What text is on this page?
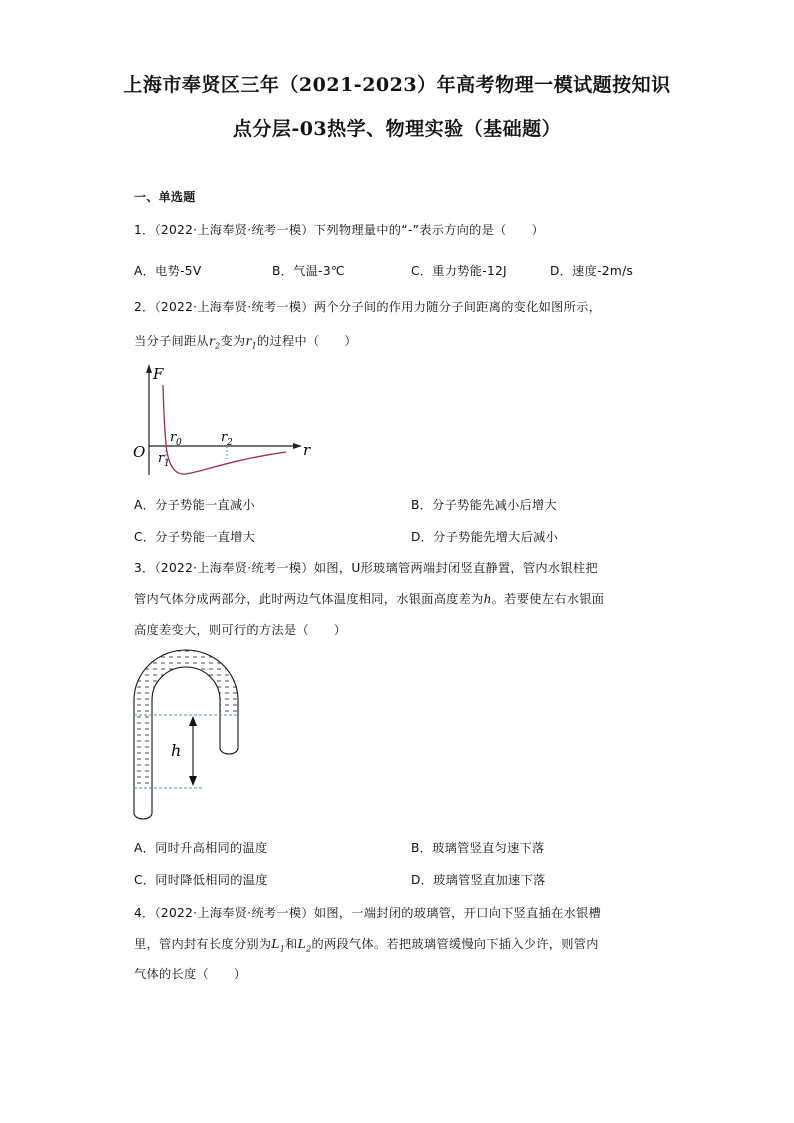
上海市奉贤区三年（2021-2023）年高考物理一模试题按知识
点分层-03热学、物理实验（基础题）
一、单选题
1．（2022·上海奉贤·统考一模）下列物理量中的“-”表示方向的是（　　）
A．电势-5V	B．气温-3℃	C．重力势能-12J	D．速度-2m/s
2．（2022·上海奉贤·统考一模）两个分子间的作用力随分子间距离的变化如图所示，
当分子间距从$r_2$变为$r_1$的过程中（　　）
F
O	r
r 0
r 1
r 2
A．分子势能一直减小	B．分子势能先减小后增大
C．分子势能一直增大	D．分子势能先增大后减小
3．（2022·上海奉贤·统考一模）如图，U形玻璃管两端封闭竖直静置，管内水银柱把
管内气体分成两部分，此时两边气体温度相同，水银面高度差为h。若要使左右水银面
高度差变大，则可行的方法是（　　）
h
A．同时升高相同的温度	B．玻璃管竖直匀速下落
C．同时降低相同的温度	D．玻璃管竖直加速下落
4．（2022·上海奉贤·统考一模）如图，一端封闭的玻璃管，开口向下竖直插在水银槽
里，管内封有长度分别为$L_1$和$L_2$的两段气体。若把玻璃管缓慢向下插入少许，则管内
气体的长度（　　）
